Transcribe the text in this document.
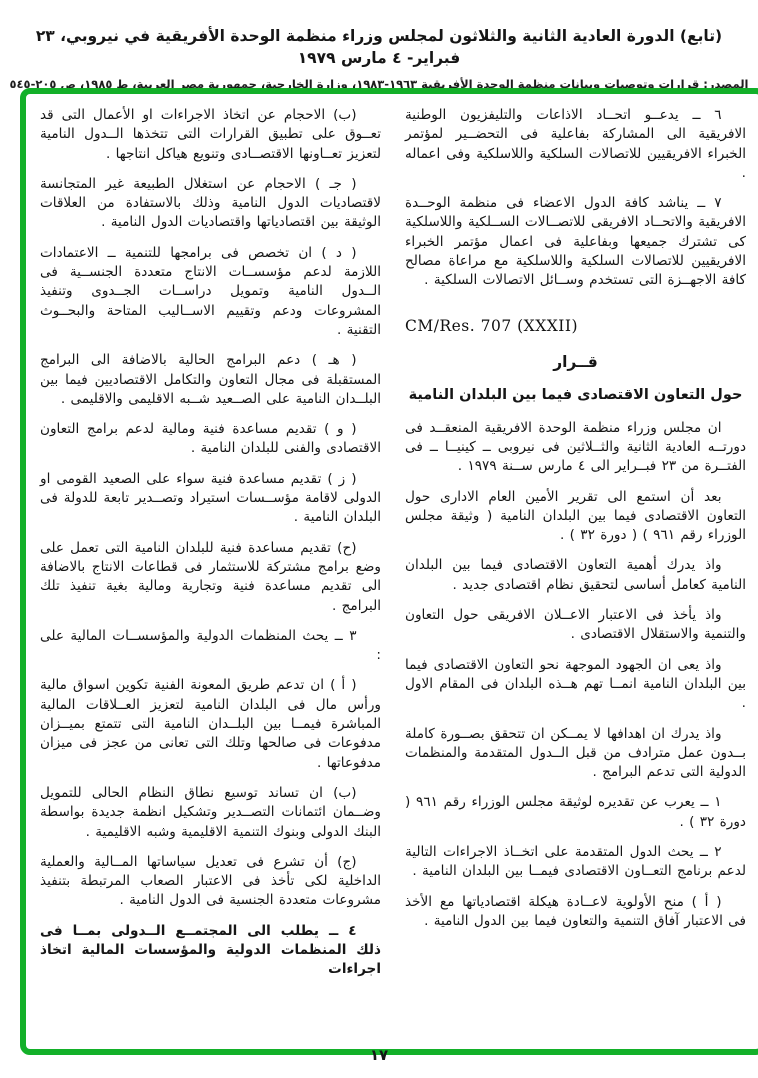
(تابع) الدورة العادية الثانية والثلاثون لمجلس وزراء منظمة الوحدة الأفريقية في نيروبي، ٢٣ فبراير- ٤ مارس ١٩٧٩
المصدر: قرارات وتوصيات وبيانات منظمة الوحدة الأفريقية ١٩٦٣-١٩٨٣، وزارة الخارجية، جمهورية مصر العربية، ط ١٩٨٥، ص ٢٠٥-٥٤٥

٦ ــ يدعــو اتحــاد الاذاعات والتليفزيون الوطنية الافريقية الى المشاركة بفاعلية فى التحضــير لمؤتمر الخبراء الافريقيين للاتصالات السلكية واللاسلكية وفى اعماله .

٧ ــ يناشد كافة الدول الاعضاء فى منظمة الوحــدة الافريقية والاتحــاد الافريقى للاتصــالات الســلكية واللاسلكية كى تشترك جميعها وبفاعلية فى اعمال مؤتمر الخبراء الافريقيين للاتصالات السلكية واللاسلكية مع مراعاة مصالح كافة الاجهــزة التى تستخدم وســائل الاتصالات السلكية .

CM/Res. 707 (XXXII)

قــرار

حول التعاون الاقتصادى فيما بين البلدان النامية

ان مجلس وزراء منظمة الوحدة الافريقية المنعقــد فى دورتــه العادية الثانية والثــلاثين فى نيروبى ــ كينيــا ــ فى الفتــرة من ٢٣ فبــراير الى ٤ مارس ســنة ١٩٧٩ .

بعد أن استمع الى تقرير الأمين العام الادارى حول التعاون الاقتصادى فيما بين البلدان النامية ( وثيقة مجلس الوزراء رقم ٩٦١ ) ( دورة ٣٢ ) .

واذ يدرك أهمية التعاون الاقتصادى فيما بين البلدان النامية كعامل أساسى لتحقيق نظام اقتصادى جديد .

واذ يأخذ فى الاعتبار الاعــلان الافريقى حول التعاون والتنمية والاستقلال الاقتصادى .

واذ يعى ان الجهود الموجهة نحو التعاون الاقتصادى فيما بين البلدان النامية انمــا تهم هــذه البلدان فى المقام الاول .

واذ يدرك ان اهدافها لا يمــكن ان تتحقق بصــورة كاملة بــدون عمل مترادف من قبل الــدول المتقدمة والمنظمات الدولية التى تدعم البرامج .

١ ــ يعرب عن تقديره لوثيقة مجلس الوزراء رقم ٩٦١ ( دورة ٣٢ ) .

٢ ــ يحث الدول المتقدمة على اتخــاذ الاجراءات التالية لدعم برنامج التعــاون الاقتصادى فيمــا بين البلدان النامية .

( أ ) منح الأولوية لاعــادة هيكلة اقتصادياتها مع الأخذ فى الاعتبار آفاق التنمية والتعاون فيما بين الدول النامية .

(ب) الاحجام عن اتخاذ الاجراءات او الأعمال التى قد تعــوق على تطبيق القرارات التى تتخذها الــدول النامية لتعزيز تعــاونها الاقتصــادى وتنويع هياكل انتاجها .

( جـ ) الاحجام عن استغلال الطبيعة غير المتجانسة لاقتصاديات الدول النامية وذلك بالاستفادة من العلاقات الوثيقة بين اقتصادياتها واقتصاديات الدول النامية .

( د ) ان تخصص فى برامجها للتنمية ــ الاعتمادات اللازمة لدعم مؤسســات الانتاج متعددة الجنســية فى الــدول النامية وتمويل دراســات الجــدوى وتنفيذ المشروعات ودعم وتقييم الاســاليب المتاحة والبحــوث التقنية .

( هـ ) دعم البرامج الحالية بالاضافة الى البرامج المستقبلة فى مجال التعاون والتكامل الاقتصاديين فيما بين البلــدان النامية على الصــعيد شــبه الاقليمى والاقليمى .

( و ) تقديم مساعدة فنية ومالية لدعم برامج التعاون الاقتصادى والفنى للبلدان النامية .

( ز ) تقديم مساعدة فنية سواء على الصعيد القومى او الدولى لاقامة مؤســسات استيراد وتصــدير تابعة للدولة فى البلدان النامية .

(ح) تقديم مساعدة فنية للبلدان النامية التى تعمل على وضع برامج مشتركة للاستثمار فى قطاعات الانتاج بالاضافة الى تقديم مساعدة فنية وتجارية ومالية بغية تنفيذ تلك البرامج .

٣ ــ يحث المنظمات الدولية والمؤسســات المالية على :

( أ ) ان تدعم طريق المعونة الفنية تكوين اسواق مالية ورأس مال فى البلدان النامية لتعزيز العــلاقات المالية المباشرة فيمــا بين البلــدان النامية التى تتمتع بميــزان مدفوعات فى صالحها وتلك التى تعانى من عجز فى ميزان مدفوعاتها .

(ب) ان تساند توسيع نطاق النظام الحالى للتمويل وضــمان ائتمانات التصــدير وتشكيل انظمة جديدة بواسطة البنك الدولى وبنوك التنمية الاقليمية وشبه الاقليمية .

(ج) أن تشرع فى تعديل سياساتها المــالية والعملية الداخلية لكى تأخذ فى الاعتبار الصعاب المرتبطة بتنفيذ مشروعات متعددة الجنسية فى الدول النامية .

٤ ــ يطلب الى المجتمــع الــدولى بمــا فى ذلك المنظمات الدولية والمؤسسات المالية اتخاذ اجراءات

١٧
